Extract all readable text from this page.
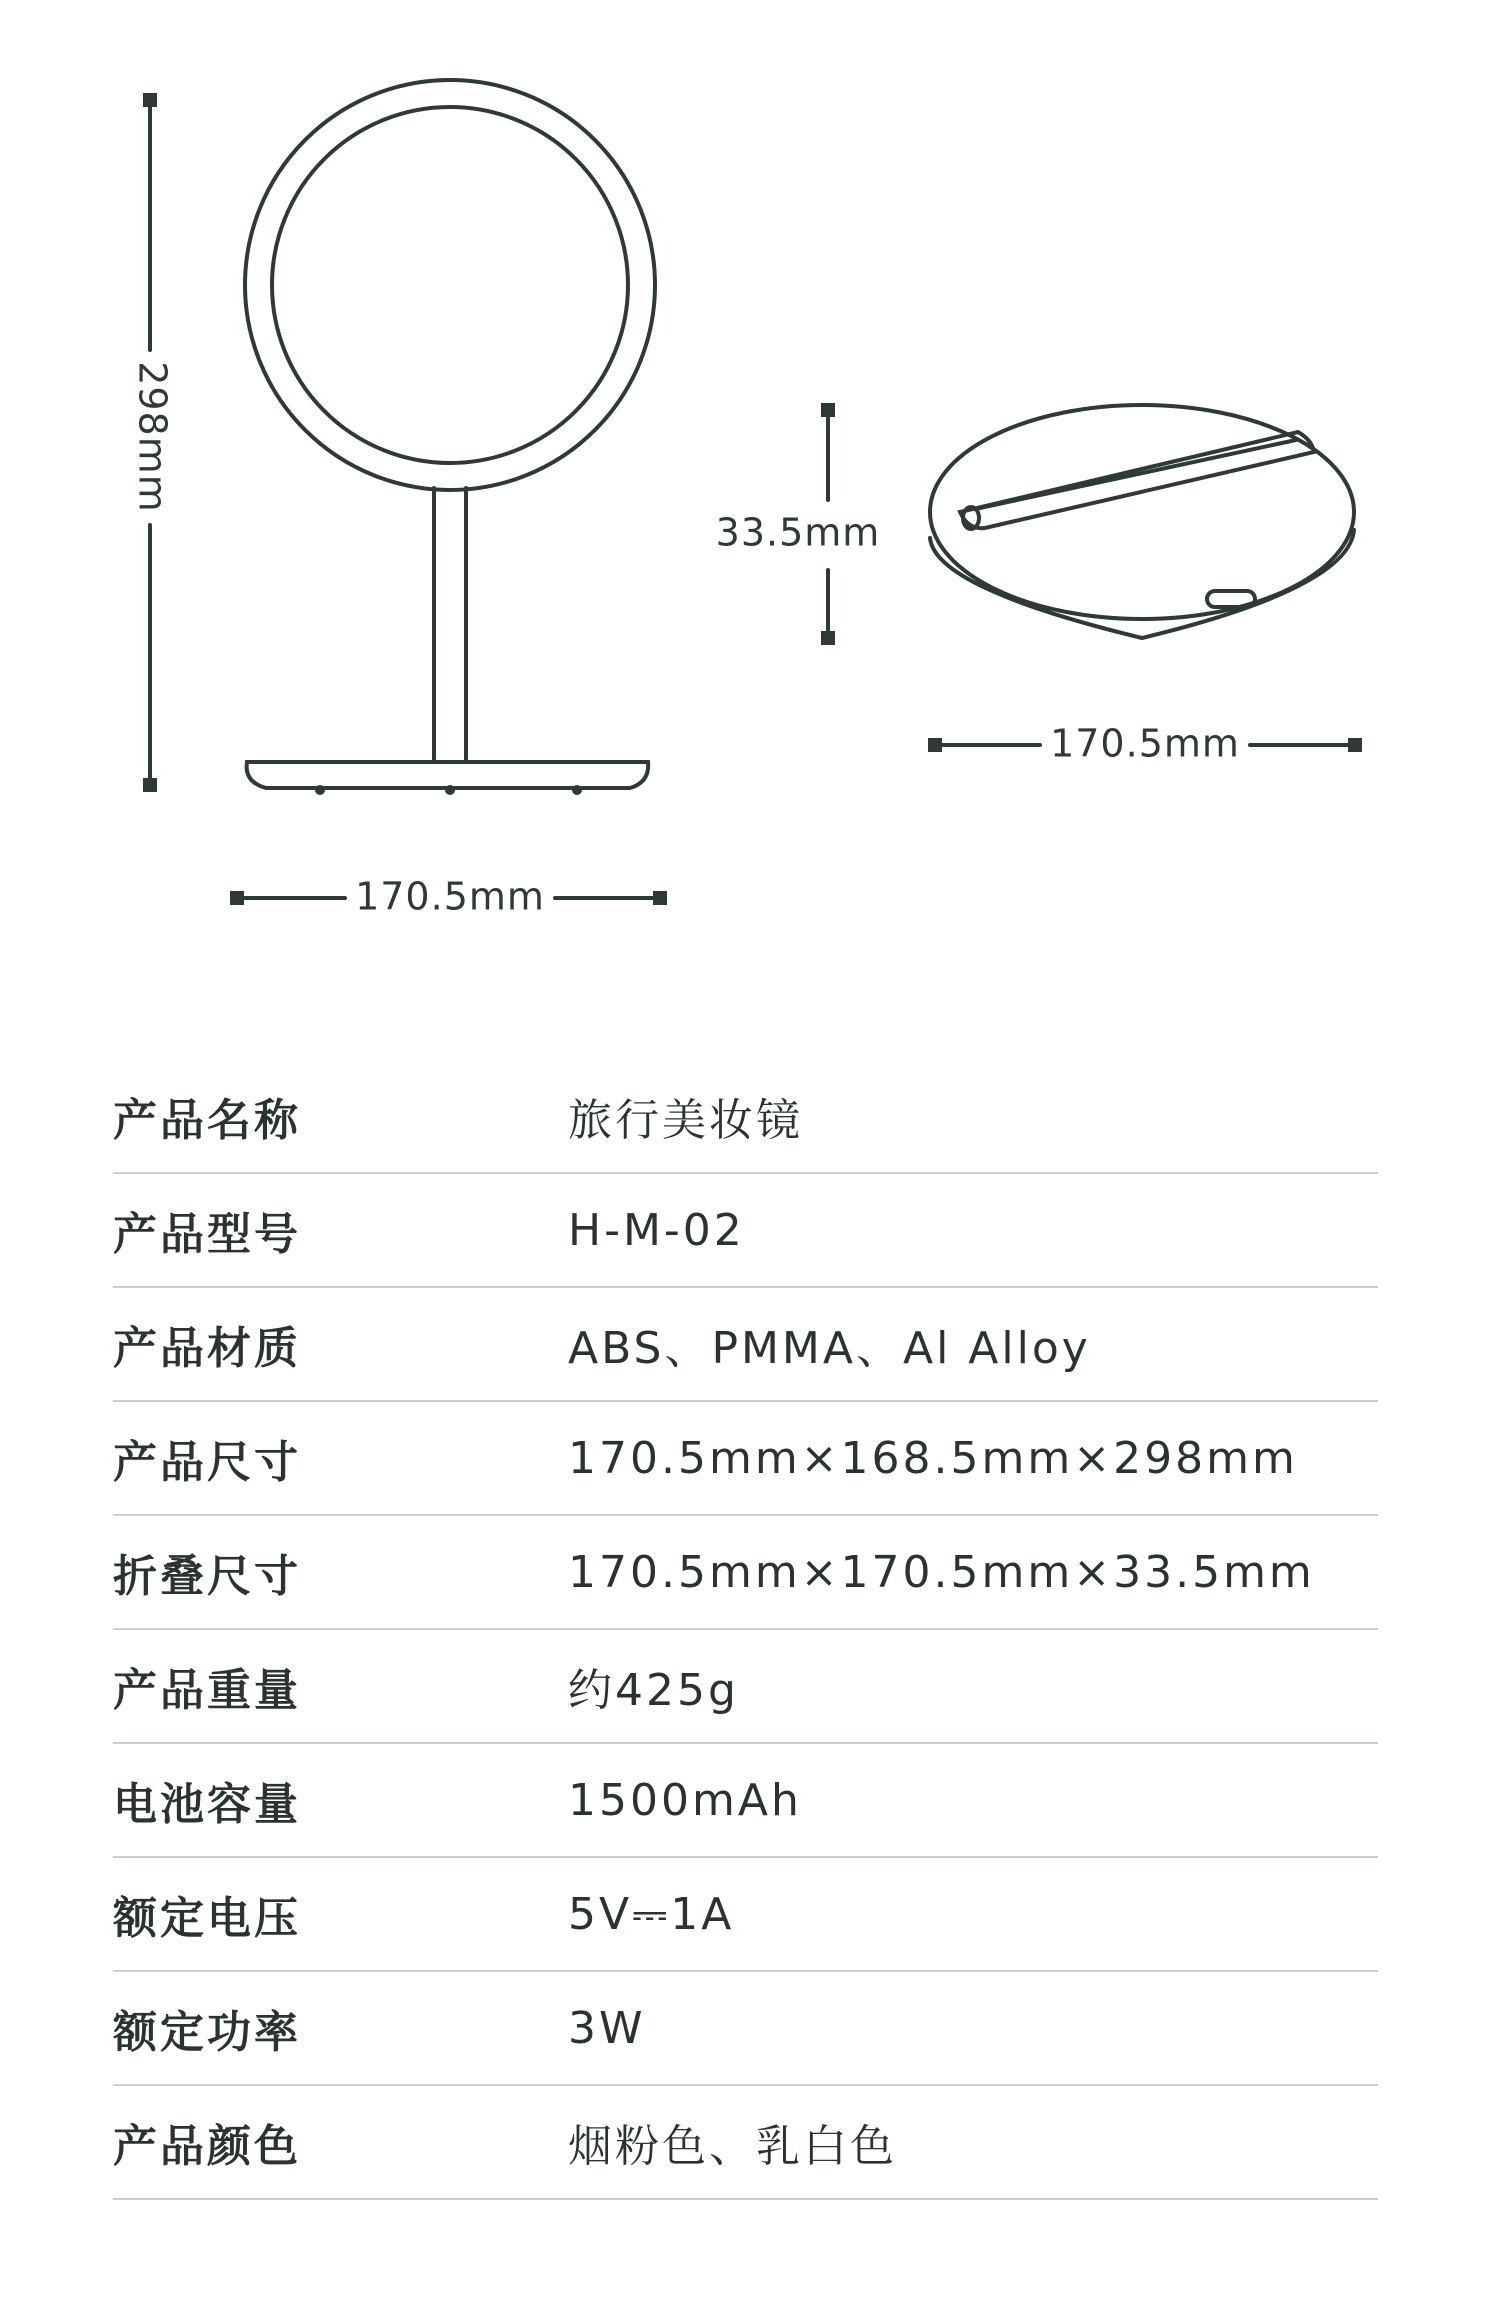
298mm
170.5mm
33.5mm
170.5mm
产品名称	旅行美妆镜
产品型号	H-M-02
产品材质	ABS、PMMA、Al Alloy
产品尺寸	170.5mm×168.5mm×298mm
折叠尺寸	170.5mm×170.5mm×33.5mm
产品重量	约425g
电池容量	1500mAh
额定电压	5V⎓1A
额定功率	3W
产品颜色	烟粉色、乳白色
